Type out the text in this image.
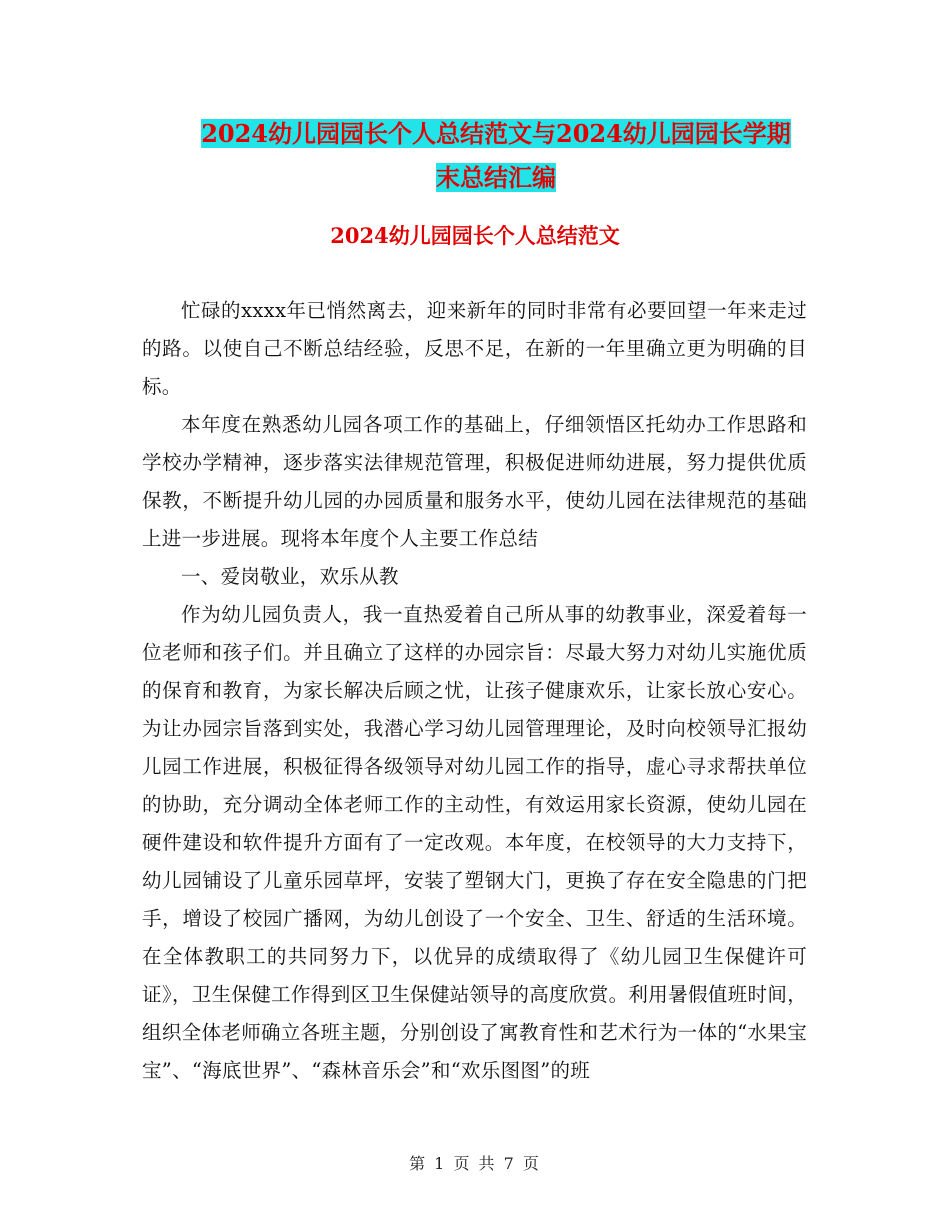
2024幼儿园园长个人总结范文与2024幼儿园园长学期
末总结汇编
2024幼儿园园长个人总结范文

忙碌的xxxx年已悄然离去，迎来新年的同时非常有必要回望一年来走过的路。以使自己不断总结经验，反思不足，在新的一年里确立更为明确的目标。

本年度在熟悉幼儿园各项工作的基础上，仔细领悟区托幼办工作思路和学校办学精神，逐步落实法律规范管理，积极促进师幼进展，努力提供优质保教，不断提升幼儿园的办园质量和服务水平，使幼儿园在法律规范的基础上进一步进展。现将本年度个人主要工作总结

一、爱岗敬业，欢乐从教

作为幼儿园负责人，我一直热爱着自己所从事的幼教事业，深爱着每一位老师和孩子们。并且确立了这样的办园宗旨：尽最大努力对幼儿实施优质的保育和教育，为家长解决后顾之忧，让孩子健康欢乐，让家长放心安心。为让办园宗旨落到实处，我潜心学习幼儿园管理理论，及时向校领导汇报幼儿园工作进展，积极征得各级领导对幼儿园工作的指导，虚心寻求帮扶单位的协助，充分调动全体老师工作的主动性，有效运用家长资源，使幼儿园在硬件建设和软件提升方面有了一定改观。本年度，在校领导的大力支持下，幼儿园铺设了儿童乐园草坪，安装了塑钢大门，更换了存在安全隐患的门把手，增设了校园广播网，为幼儿创设了一个安全、卫生、舒适的生活环境。在全体教职工的共同努力下，以优异的成绩取得了《幼儿园卫生保健许可证》，卫生保健工作得到区卫生保健站领导的高度欣赏。利用暑假值班时间，组织全体老师确立各班主题，分别创设了寓教育性和艺术行为一体的“水果宝宝”、“海底世界”、“森林音乐会”和“欢乐图图”的班

第 1 页 共 7 页
